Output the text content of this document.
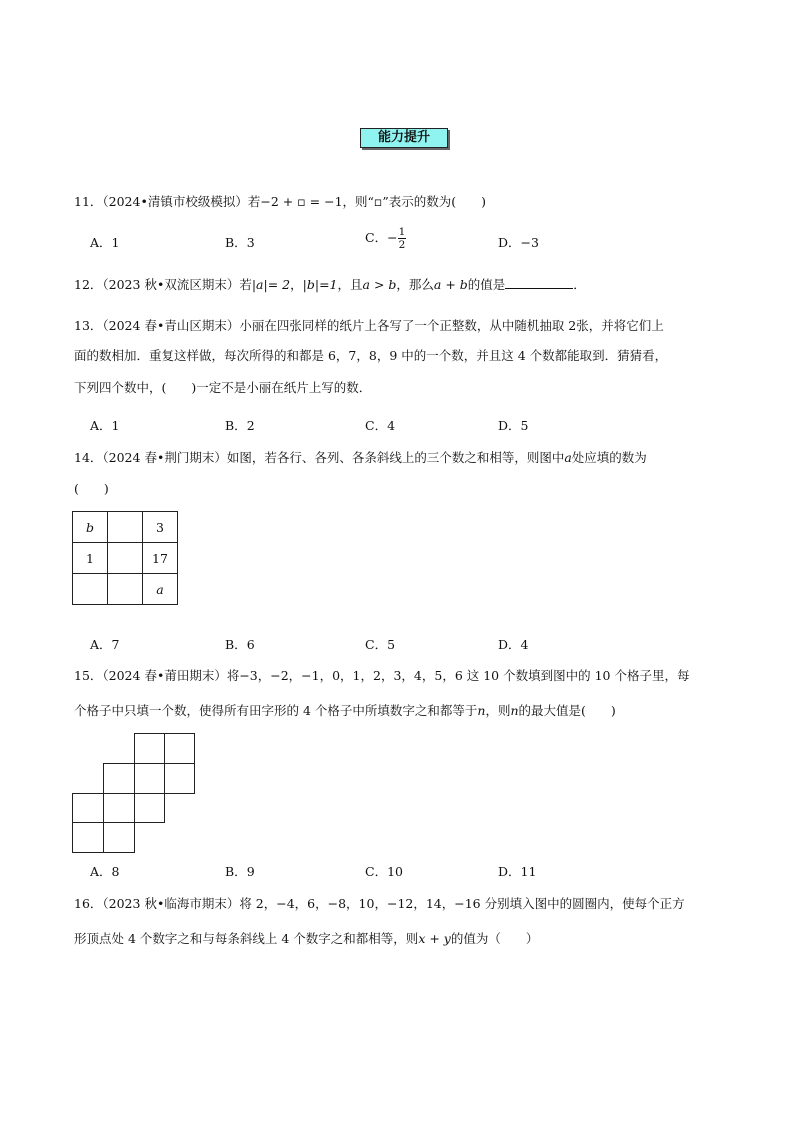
能力提升
11．（2024•清镇市校级模拟）若−2 + ▫ = −1，则“▫”表示的数为(　　)
A．1	B．3	C．− $\frac{1}{2}$	D．−3
12．（2023 秋•双流区期末）若|a|= 2，|b|=1，且a > b，那么a + b的值是	．
13．（2024 春•青山区期末）小丽在四张同样的纸片上各写了一个正整数，从中随机抽取 2张，并将它们上
面的数相加．重复这样做，每次所得的和都是 6，7，8，9 中的一个数，并且这 4 个数都能取到．猜猜看，
下列四个数中，(　　)一定不是小丽在纸片上写的数．
A．1	B．2	C．4	D．5
14．（2024 春•荆门期末）如图，若各行、各列、各条斜线上的三个数之和相等，则图中a处应填的数为
(　　)
b		3
1		17
		a
A．7	B．6	C．5	D．4
15．（2024 春•莆田期末）将−3，−2，−1，0，1，2，3，4，5，6 这 10 个数填到图中的 10 个格子里，每
个格子中只填一个数，使得所有田字形的 4 个格子中所填数字之和都等于n，则n的最大值是(　　)
A．8	B．9	C．10	D．11
16．（2023 秋•临海市期末）将 2，−4，6，−8，10，−12，14，−16 分别填入图中的圆圈内，使每个正方
形顶点处 4 个数字之和与每条斜线上 4 个数字之和都相等，则x + y的值为（　　）
